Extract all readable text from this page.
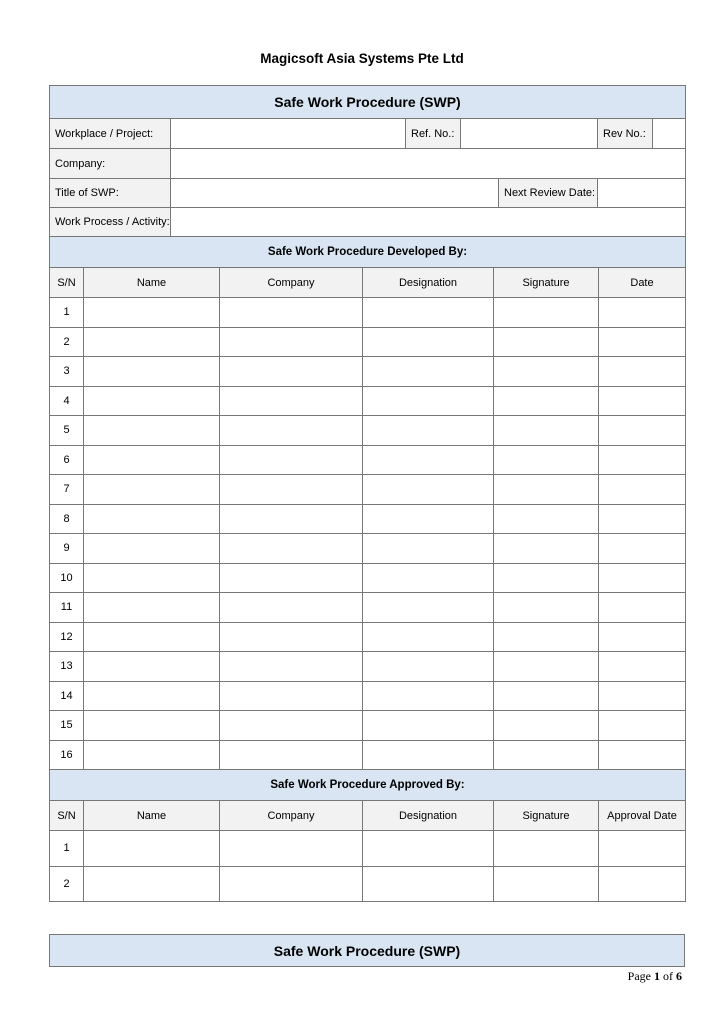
Magicsoft Asia Systems Pte Ltd
Safe Work Procedure (SWP)
Workplace / Project:	Ref. No.:	Rev No.:
Company:
Title of SWP:	Next Review Date:
Work Process / Activity:
Safe Work Procedure Developed By:
S/N	Name	Company	Designation	Signature	Date
1
2
3
4
5
6
7
8
9
10
11
12
13
14
15
16
Safe Work Procedure Approved By:
S/N	Name	Company	Designation	Signature	Approval Date
1
2
Safe Work Procedure (SWP)
Page 1 of 6
